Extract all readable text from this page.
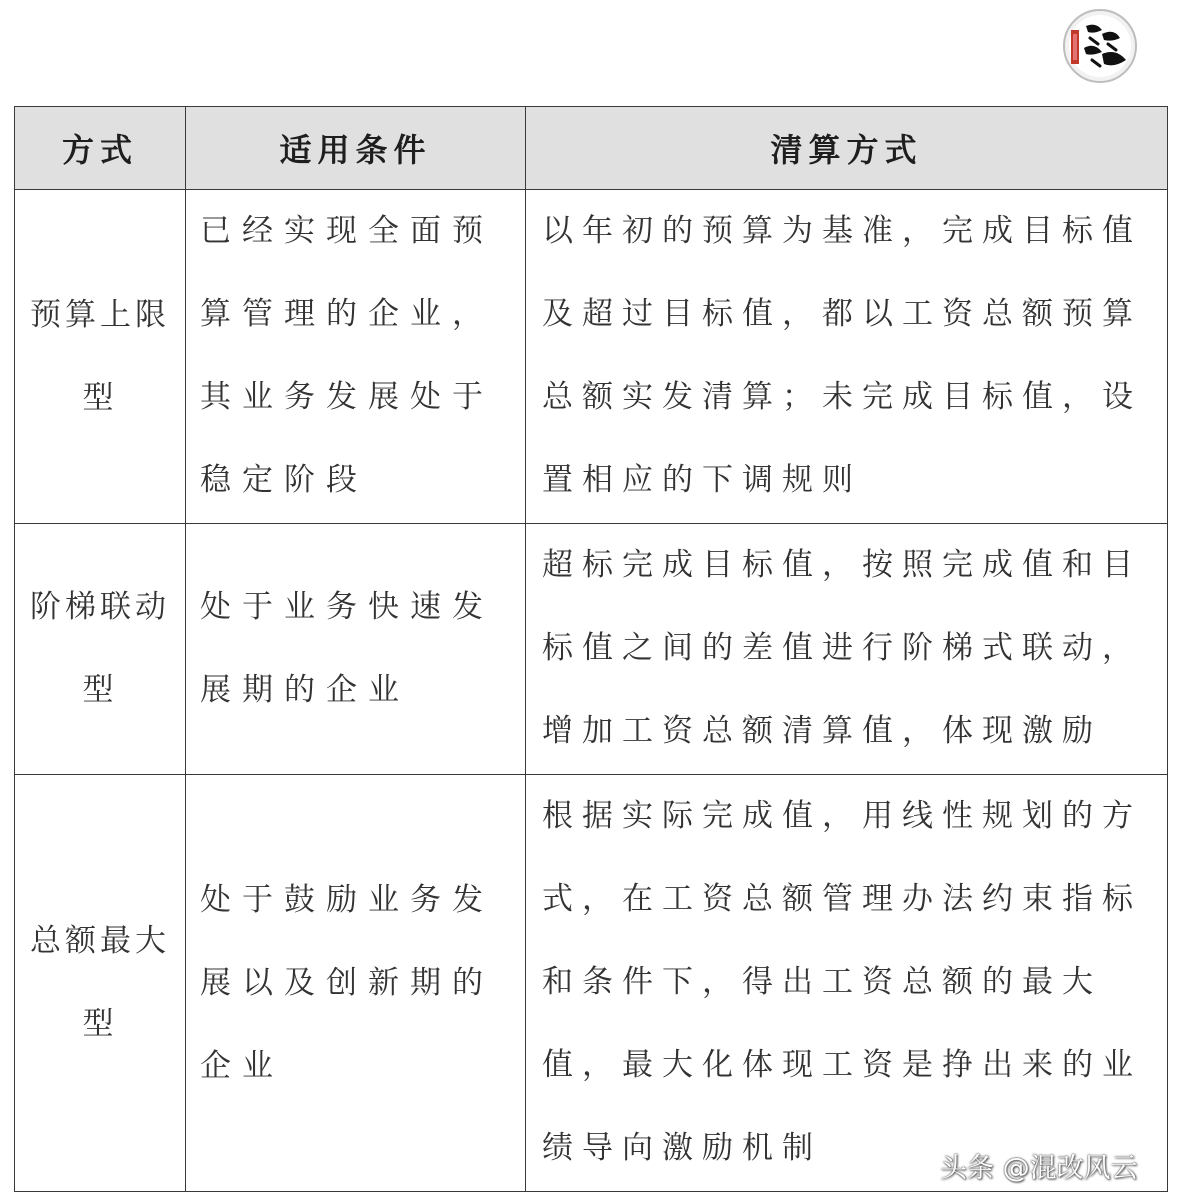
方式	适用条件	清算方式
预算上限型	已经实现全面预算管理的企业，其业务发展处于稳定阶段	以年初的预算为基准，完成目标值及超过目标值，都以工资总额预算总额实发清算；未完成目标值，设置相应的下调规则
阶梯联动型	处于业务快速发展期的企业	超标完成目标值，按照完成值和目标值之间的差值进行阶梯式联动，增加工资总额清算值，体现激励
总额最大型	处于鼓励业务发展以及创新期的企业	根据实际完成值，用线性规划的方式，在工资总额管理办法约束指标和条件下，得出工资总额的最大值，最大化体现工资是挣出来的业绩导向激励机制
头条 @混改风云
